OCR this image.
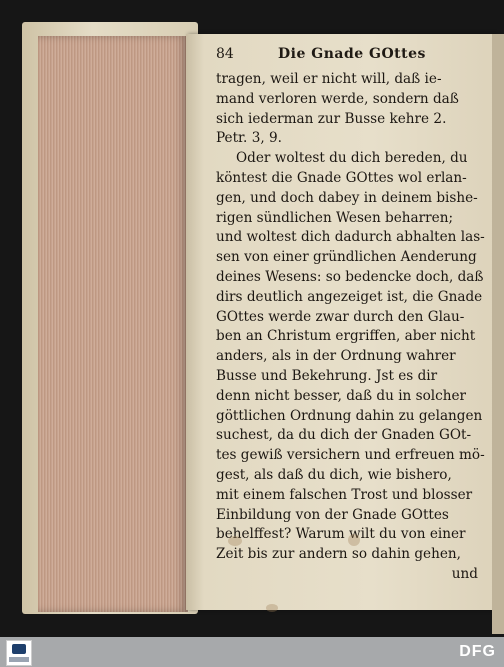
84	Die Gnade GOttes
tragen, weil er nicht will, daß ie-
mand verloren werde, sondern daß
sich iederman zur Busse kehre 2.
Petr. 3, 9.
Oder woltest du dich bereden, du
köntest die Gnade GOttes wol erlan-
gen, und doch dabey in deinem bishe-
rigen sündlichen Wesen beharren;
und woltest dich dadurch abhalten las-
sen von einer gründlichen Aenderung
deines Wesens: so bedencke doch, daß
dirs deutlich angezeiget ist, die Gnade
GOttes werde zwar durch den Glau-
ben an Christum ergriffen, aber nicht
anders, als in der Ordnung wahrer
Busse und Bekehrung. Jst es dir
denn nicht besser, daß du in solcher
göttlichen Ordnung dahin zu gelangen
suchest, da du dich der Gnaden GOt-
tes gewiß versichern und erfreuen mö-
gest, als daß du dich, wie bishero,
mit einem falschen Trost und blosser
Einbildung von der Gnade GOttes
behelffest? Warum wilt du von einer
Zeit bis zur andern so dahin gehen,
und
DFG
